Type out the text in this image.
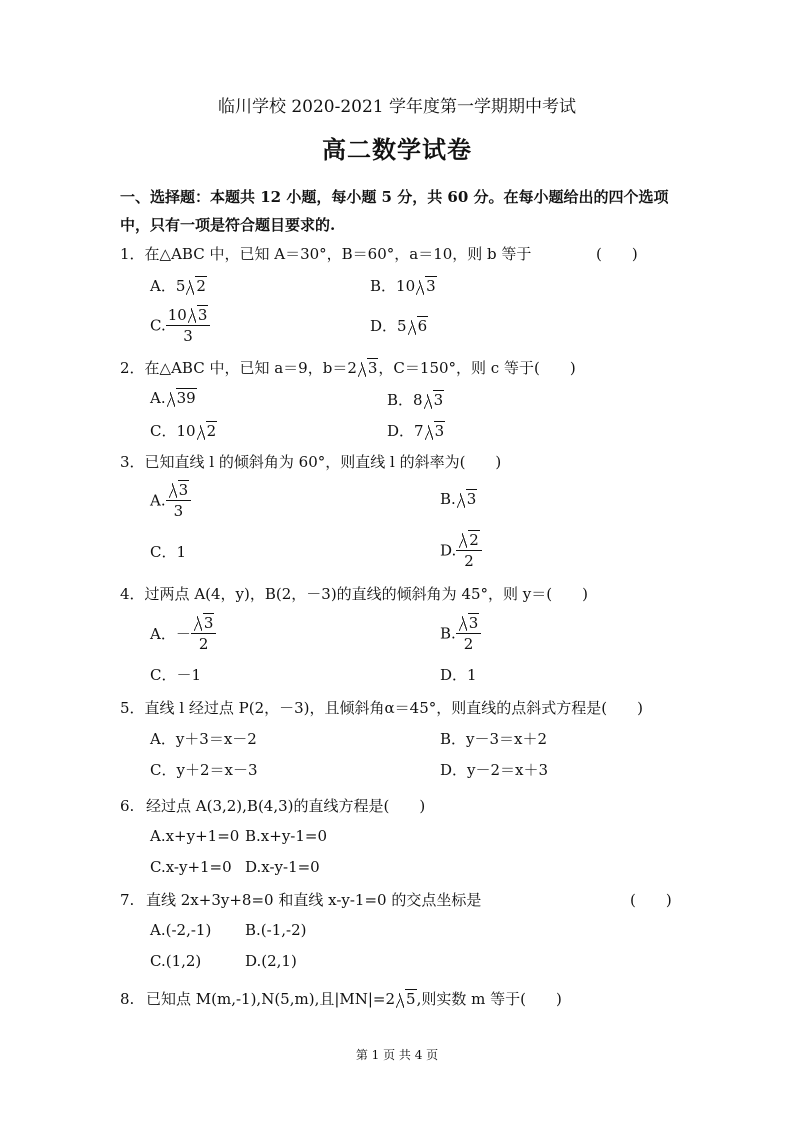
临川学校 2020-2021 学年度第一学期期中考试
高二数学试卷
一、选择题：本题共 12 小题，每小题 5 分，共 60 分。在每小题给出的四个选项中，只有一项是符合题目要求的.
1．在△ABC 中，已知 A＝30°，B＝60°，a＝10，则 b 等于	(　　)
A．5 2	B．10 3
C. $\frac{10 3}{3}$	D．5 6
2．在△ABC 中，已知 a＝9，b＝2 3，C＝150°，则 c 等于(　　)
A. 39	B．8 3
C．10 2	D．7 3
3．已知直线 l 的倾斜角为 60°，则直线 l 的斜率为(　　)
A. $\frac{3}{3}$	B. 3
C．1	D. $\frac{2}{2}$
4．过两点 A(4，y)，B(2，－3)的直线的倾斜角为 45°，则 y＝(　　)
A．－ $\frac{3}{2}$	B. $\frac{3}{2}$
C．－1	D．1
5．直线 l 经过点 P(2，－3)，且倾斜角α＝45°，则直线的点斜式方程是(　　)
A．y＋3＝x－2	B．y－3＝x＋2
C．y＋2＝x－3	D．y－2＝x＋3
6. 经过点 A(3,2),B(4,3)的直线方程是(　　)
A.x+y+1=0 B.x+y-1=0
C.x-y+1=0 D.x-y-1=0
7. 直线 2x+3y+8=0 和直线 x-y-1=0 的交点坐标是	(　　)
A.(-2,-1) B.(-1,-2)
C.(1,2)	D.(2,1)
8. 已知点 M(m,-1),N(5,m),且|MN|=2 5,则实数 m 等于(　　)
第 1 页 共 4 页
